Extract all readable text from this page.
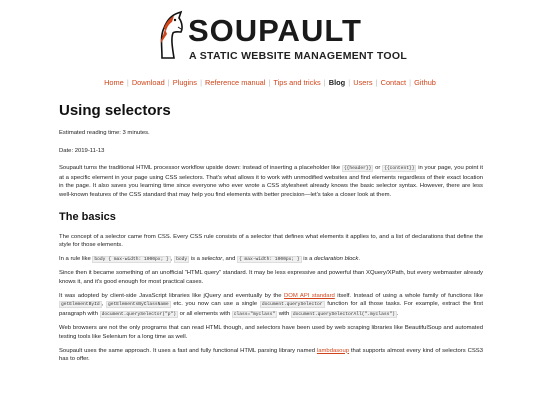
SOUPAULT
A STATIC WEBSITE MANAGEMENT TOOL
Home | Download | Plugins | Reference manual | Tips and tricks | Blog | Users | Contact | Github
Using selectors

Estimated reading time: 3 minutes.

Date: 2019-11-13

Soupault turns the traditional HTML processor workflow upside down: instead of inserting a placeholder like {{header}} or {{content}} in your page, you point it at a specific element in your page using CSS selectors. That's what allows it to work with unmodified websites and find elements regardless of their exact location in the page. It also saves you learning time since everyone who ever wrote a CSS stylesheet already knows the basic selector syntax. However, there are less well-known features of the CSS standard that may help you find elements with better precision—let's take a closer look at them.

The basics

The concept of a selector came from CSS. Every CSS rule consists of a selector that defines what elements it applies to, and a list of declarations that define the style for those elements.

In a rule like body { max-width: 1000px; } , body is a selector, and { max-width: 1000px; } is a declaration block.

Since then it became something of an unofficial “HTML query” standard. It may be less expressive and powerful than XQuery/XPath, but every webmaster already knows it, and it's good enough for most practical cases.

It was adopted by client-side JavaScript libraries like jQuery and eventually by the DOM API standard itself. Instead of using a whole family of functions like getElementById , getElementsByClassName etc. you now can use a single document.querySelector function for all those tasks. For example, extract the first paragraph with document.querySelector("p") or all elements with class="myclass" with document.querySelectorAll(".myclass") .

Web browsers are not the only programs that can read HTML though, and selectors have been used by web scraping libraries like BeautifulSoup and automated testing tools like Selenium for a long time as well.

Soupault uses the same approach. It uses a fast and fully functional HTML parsing library named lambdasoup that supports almost every kind of selectors CSS3 has to offer.
